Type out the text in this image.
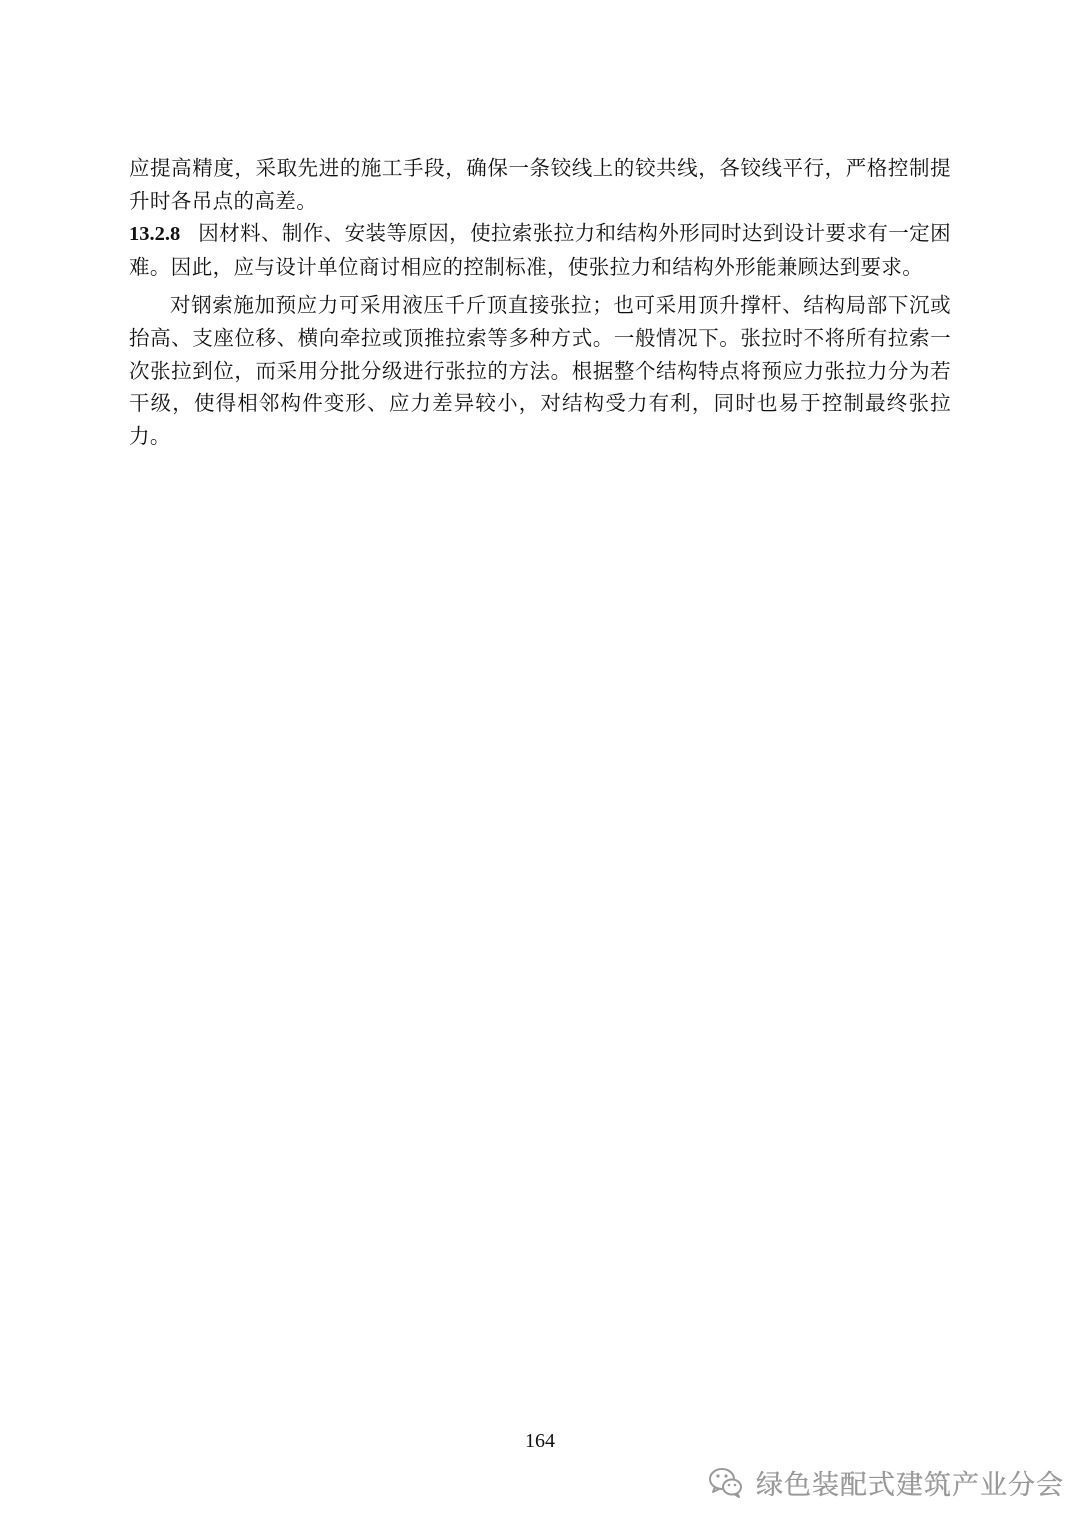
应提高精度，采取先进的施工手段，确保一条铰线上的铰共线，各铰线平行，严格控制提升时各吊点的高差。

13.2.8 因材料、制作、安装等原因，使拉索张拉力和结构外形同时达到设计要求有一定困难。因此，应与设计单位商讨相应的控制标准，使张拉力和结构外形能兼顾达到要求。

对钢索施加预应力可采用液压千斤顶直接张拉；也可采用顶升撑杆、结构局部下沉或抬高、支座位移、横向牵拉或顶推拉索等多种方式。一般情况下。张拉时不将所有拉索一次张拉到位，而采用分批分级进行张拉的方法。根据整个结构特点将预应力张拉力分为若干级，使得相邻构件变形、应力差异较小，对结构受力有利，同时也易于控制最终张拉力。

164
绿色装配式建筑产业分会
